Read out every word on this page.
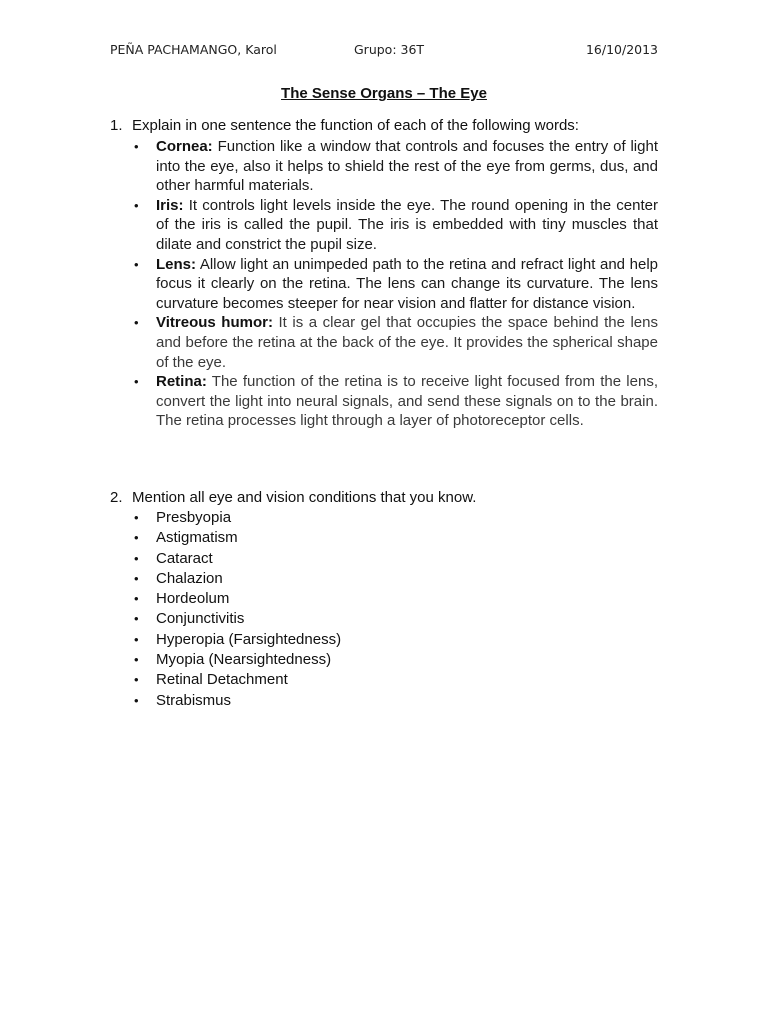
PEÑA PACHAMANGO, Karol	Grupo: 36T	16/10/2013
The Sense Organs – The Eye
1. Explain in one sentence the function of each of the following words:
• Cornea: Function like a window that controls and focuses the entry of light into the eye, also it helps to shield the rest of the eye from germs, dus, and other harmful materials.
• Iris: It controls light levels inside the eye. The round opening in the center of the iris is called the pupil. The iris is embedded with tiny muscles that dilate and constrict the pupil size.
• Lens: Allow light an unimpeded path to the retina and refract light and help focus it clearly on the retina. The lens can change its curvature. The lens curvature becomes steeper for near vision and flatter for distance vision.
• Vitreous humor: It is a clear gel that occupies the space behind the lens and before the retina at the back of the eye. It provides the spherical shape of the eye.
• Retina: The function of the retina is to receive light focused from the lens, convert the light into neural signals, and send these signals on to the brain. The retina processes light through a layer of photoreceptor cells.
2. Mention all eye and vision conditions that you know.
• Presbyopia
• Astigmatism
• Cataract
• Chalazion
• Hordeolum
• Conjunctivitis
• Hyperopia (Farsightedness)
• Myopia (Nearsightedness)
• Retinal Detachment
• Strabismus
